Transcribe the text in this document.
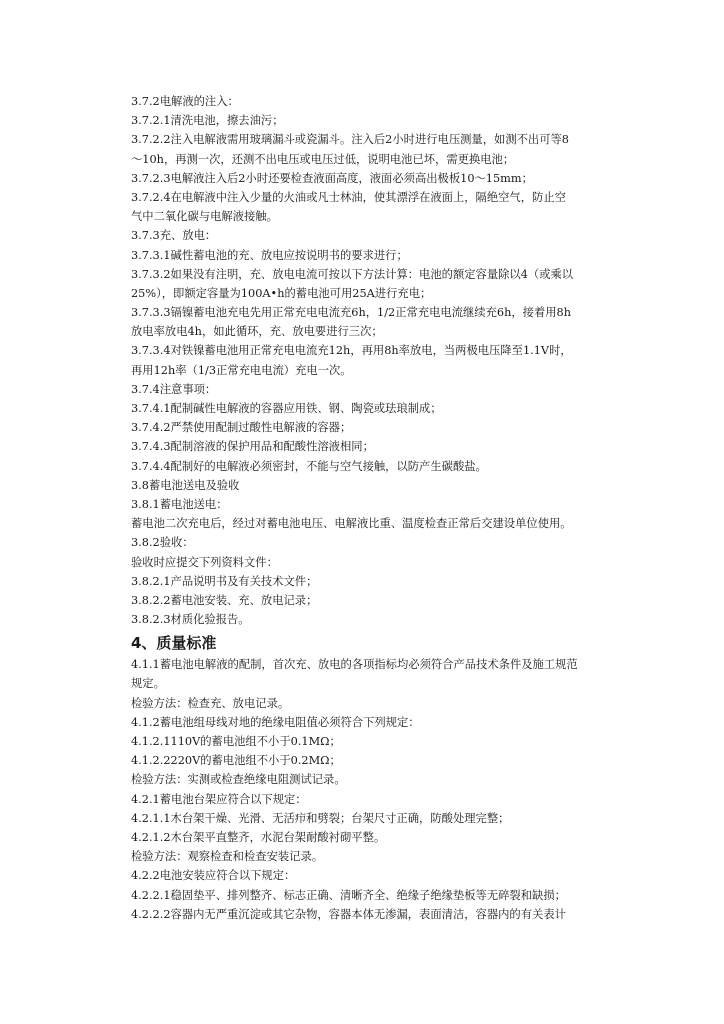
3.7.2电解液的注入：
3.7.2.1清洗电池，擦去油污；
3.7.2.2注入电解液需用玻璃漏斗或瓷漏斗。注入后2小时进行电压测量，如测不出可等8
～10h，再测一次，还测不出电压或电压过低，说明电池已坏，需更换电池；
3.7.2.3电解液注入后2小时还要检查液面高度，液面必须高出极板10～15mm；
3.7.2.4在电解液中注入少量的火油或凡士林油，使其漂浮在液面上，隔绝空气，防止空
气中二氧化碳与电解液接触。
3.7.3充、放电：
3.7.3.1碱性蓄电池的充、放电应按说明书的要求进行；
3.7.3.2如果没有注明，充、放电电流可按以下方法计算：电池的额定容量除以4（或乘以
25%），即额定容量为100A•h的蓄电池可用25A进行充电；
3.7.3.3镉镍蓄电池充电先用正常充电电流充6h，1/2正常充电电流继续充6h，接着用8h
放电率放电4h，如此循环，充、放电要进行三次；
3.7.3.4对铁镍蓄电池用正常充电电流充12h，再用8h率放电，当两极电压降至1.1V时，
再用12h率（1/3正常充电电流）充电一次。
3.7.4注意事项：
3.7.4.1配制碱性电解液的容器应用铁、钢、陶瓷或珐琅制成；
3.7.4.2严禁使用配制过酸性电解液的容器；
3.7.4.3配制溶液的保护用品和配酸性溶液相同；
3.7.4.4配制好的电解液必须密封，不能与空气接触，以防产生碳酸盐。
3.8蓄电池送电及验收
3.8.1蓄电池送电：
蓄电池二次充电后，经过对蓄电池电压、电解液比重、温度检查正常后交建设单位使用。
3.8.2验收：
验收时应提交下列资料文件：
3.8.2.1产品说明书及有关技术文件；
3.8.2.2蓄电池安装、充、放电记录；
3.8.2.3材质化验报告。
4、质量标准
4.1.1蓄电池电解液的配制，首次充、放电的各项指标均必须符合产品技术条件及施工规范
规定。
检验方法：检查充、放电记录。
4.1.2蓄电池组母线对地的绝缘电阻值必须符合下列规定：
4.1.2.1110V的蓄电池组不小于0.1MΩ；
4.1.2.2220V的蓄电池组不小于0.2MΩ；
检验方法：实测或检查绝缘电阻测试记录。
4.2.1蓄电池台架应符合以下规定：
4.2.1.1木台架干燥、光滑、无活疖和劈裂；台架尺寸正确，防酸处理完整；
4.2.1.2木台架平直整齐，水泥台架耐酸衬砌平整。
检验方法：观察检查和检查安装记录。
4.2.2电池安装应符合以下规定：
4.2.2.1稳固垫平、排列整齐、标志正确、清晰齐全、绝缘子绝缘垫板等无碎裂和缺损；
4.2.2.2容器内无严重沉淀或其它杂物，容器本体无渗漏，表面清洁，容器内的有关表计
